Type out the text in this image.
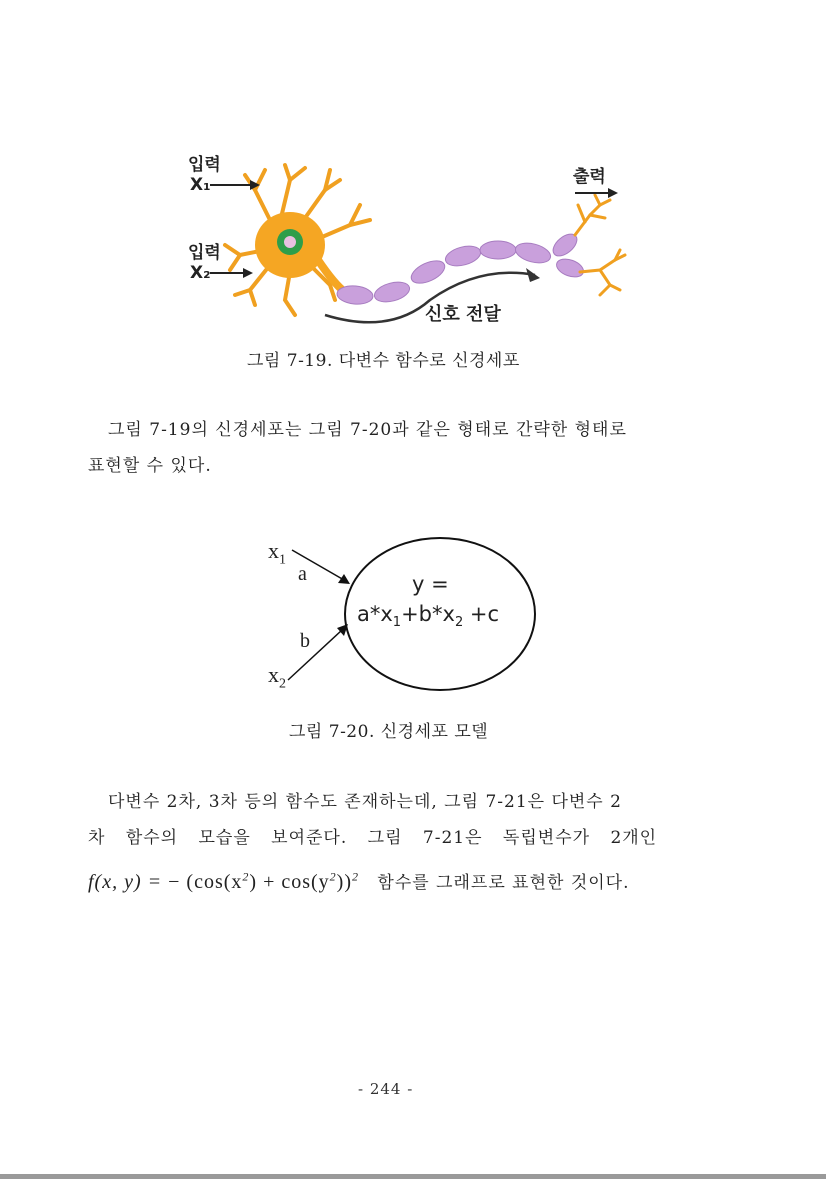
입력
X₁
입력
X₂
출력
신호 전달
그림 7-19. 다변수 함수로 신경세포
그림 7-19의 신경세포는 그림 7-20과 같은 형태로 간략한 형태로
표현할 수 있다.
$x_1$
a
b
$x_2$
y =
$a*x_1+b*x_2 +c$
그림 7-20. 신경세포 모델
다변수 2차, 3차 등의 함수도 존재하는데, 그림 7-21은 다변수 2
차 함수의 모습을 보여준다. 그림 7-21은 독립변수가 2개인
f(x, y) = − $(\cos(x^2) + \cos(y^2))^2$ 함수를 그래프로 표현한 것이다.
- 244 -
